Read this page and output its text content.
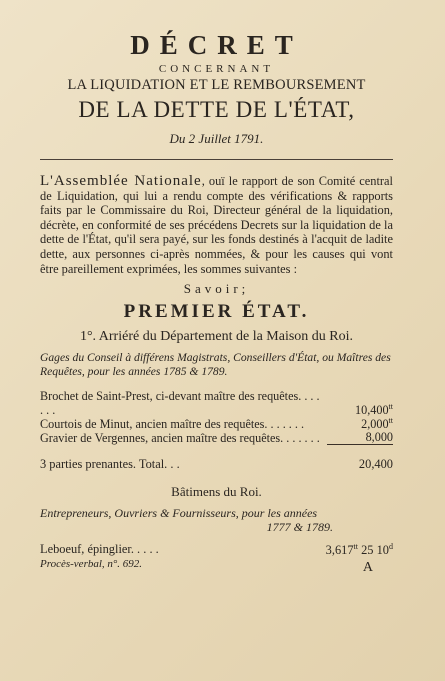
DÉCRET

CONCERNANT

LA LIQUIDATION ET LE REMBOURSEMENT

DE LA DETTE DE L'ÉTAT,

Du 2 Juillet 1791.

L'Assemblée Nationale, ouï le rapport de son Comité central de Liquidation, qui lui a rendu compte des vérifications & rapports faits par le Commissaire du Roi, Directeur général de la liquidation, décrète, en conformité de ses précédens Decrets sur la liquidation de la dette de l'État, qu'il sera payé, sur les fonds destinés à l'acquit de ladite dette, aux personnes ci-après nommées, & pour les causes qui vont être pareillement exprimées, les sommes suivantes :

Savoir;

PREMIER ÉTAT.

1°. Arriéré du Département de la Maison du Roi.

Gages du Conseil à différens Magistrats, Conseillers d'État, ou Maîtres des Requêtes, pour les années 1785 & 1789.

Brochet de Saint-Prest, ci-devant maître des requêtes. . . . . . .	$10,400^{tt}$
Courtois de Minut, ancien maître des requêtes. . . . . . .	$2,000^{tt}$
Gravier de Vergennes, ancien maître des requêtes. . . . . . .	8,000
3 parties prenantes. Total. . .	20,400

Bâtimens du Roi.

Entrepreneurs, Ouvriers & Fournisseurs, pour les années
1777 & 1789.

Leboeuf, épinglier. . . . .	$3,617^{tt}$ 25 10$^d$
Procès-verbal, n°. 692.	A
